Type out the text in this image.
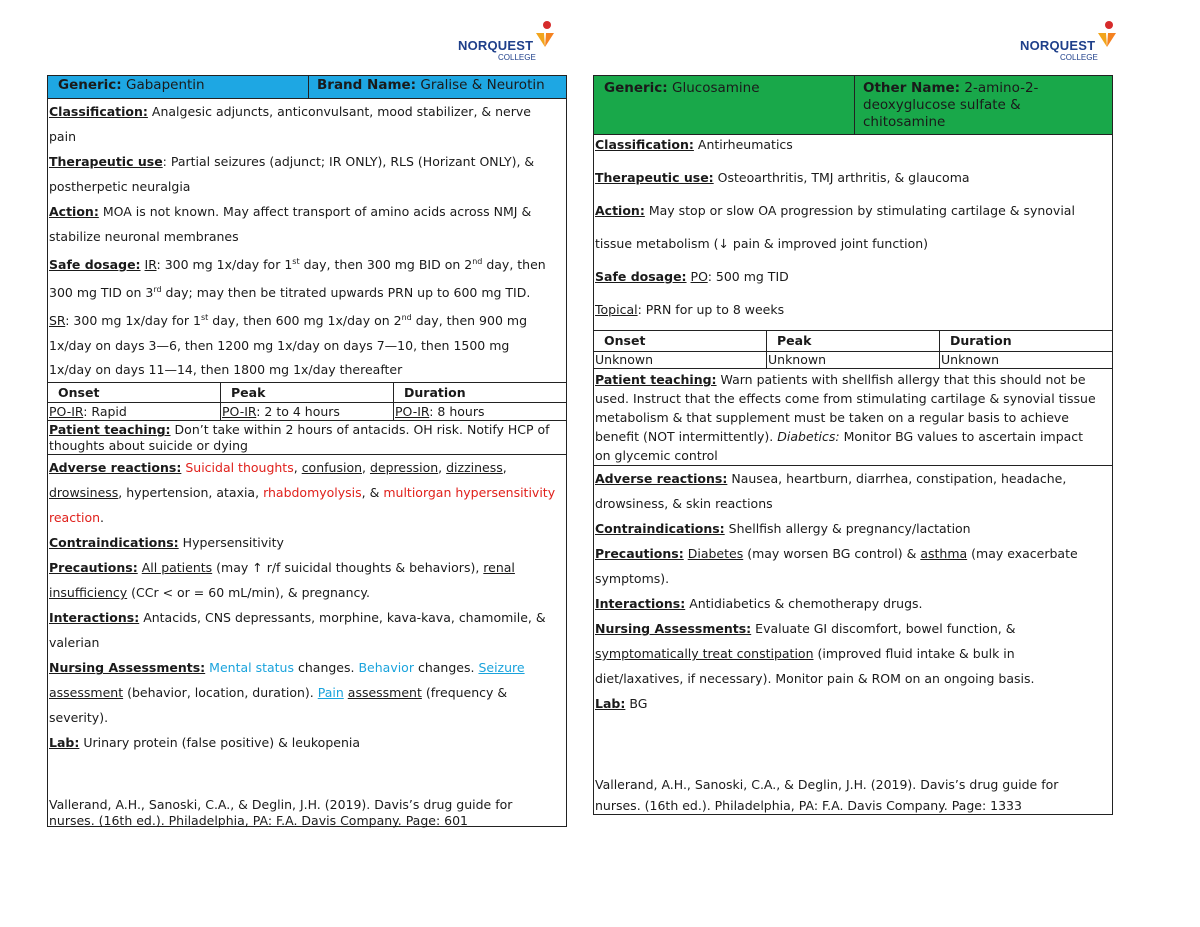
NORQUEST
COLLEGE
NORQUEST
COLLEGE
Generic: Gabapentin	Brand Name: Gralise & Neurotin

Classification: Analgesic adjuncts, anticonvulsant, mood stabilizer, & nerve

pain

Therapeutic use: Partial seizures (adjunct; IR ONLY), RLS (Horizant ONLY), &

postherpetic neuralgia

Action: MOA is not known. May affect transport of amino acids across NMJ &

stabilize neuronal membranes

Safe dosage: IR: 300 mg 1x/day for 1st day, then 300 mg BID on 2nd day, then

300 mg TID on 3rd day; may then be titrated upwards PRN up to 600 mg TID.

SR: 300 mg 1x/day for 1st day, then 600 mg 1x/day on 2nd day, then 900 mg

1x/day on days 3—6, then 1200 mg 1x/day on days 7—10, then 1500 mg

1x/day on days 11—14, then 1800 mg 1x/day thereafter

Onset	Peak	Duration
PO-IR: Rapid	PO-IR: 2 to 4 hours	PO-IR: 8 hours

Patient teaching: Don’t take within 2 hours of antacids. OH risk. Notify HCP of

thoughts about suicide or dying

Adverse reactions: Suicidal thoughts, confusion, depression, dizziness,

drowsiness, hypertension, ataxia, rhabdomyolysis, & multiorgan hypersensitivity

reaction.

Contraindications: Hypersensitivity

Precautions: All patients (may ↑ r/f suicidal thoughts & behaviors), renal

insufficiency (CCr < or = 60 mL/min), & pregnancy.

Interactions: Antacids, CNS depressants, morphine, kava-kava, chamomile, &

valerian

Nursing Assessments: Mental status changes. Behavior changes. Seizure

assessment (behavior, location, duration). Pain assessment (frequency &

severity).

Lab: Urinary protein (false positive) & leukopenia

Vallerand, A.H., Sanoski, C.A., & Deglin, J.H. (2019). Davis’s drug guide for

nurses. (16th ed.). Philadelphia, PA: F.A. Davis Company. Page: 601

Generic: Glucosamine	Other Name: 2-amino-2-
deoxyglucose sulfate &
chitosamine

Classification: Antirheumatics

Therapeutic use: Osteoarthritis, TMJ arthritis, & glaucoma

Action: May stop or slow OA progression by stimulating cartilage & synovial

tissue metabolism (↓ pain & improved joint function)

Safe dosage: PO: 500 mg TID

Topical: PRN for up to 8 weeks

Onset	Peak	Duration
Unknown	Unknown	Unknown

Patient teaching: Warn patients with shellfish allergy that this should not be

used. Instruct that the effects come from stimulating cartilage & synovial tissue

metabolism & that supplement must be taken on a regular basis to achieve

benefit (NOT intermittently). Diabetics: Monitor BG values to ascertain impact

on glycemic control

Adverse reactions: Nausea, heartburn, diarrhea, constipation, headache,

drowsiness, & skin reactions

Contraindications: Shellfish allergy & pregnancy/lactation

Precautions: Diabetes (may worsen BG control) & asthma (may exacerbate

symptoms).

Interactions: Antidiabetics & chemotherapy drugs.

Nursing Assessments: Evaluate GI discomfort, bowel function, &

symptomatically treat constipation (improved fluid intake & bulk in

diet/laxatives, if necessary). Monitor pain & ROM on an ongoing basis.

Lab: BG

Vallerand, A.H., Sanoski, C.A., & Deglin, J.H. (2019). Davis’s drug guide for

nurses. (16th ed.). Philadelphia, PA: F.A. Davis Company. Page: 1333
